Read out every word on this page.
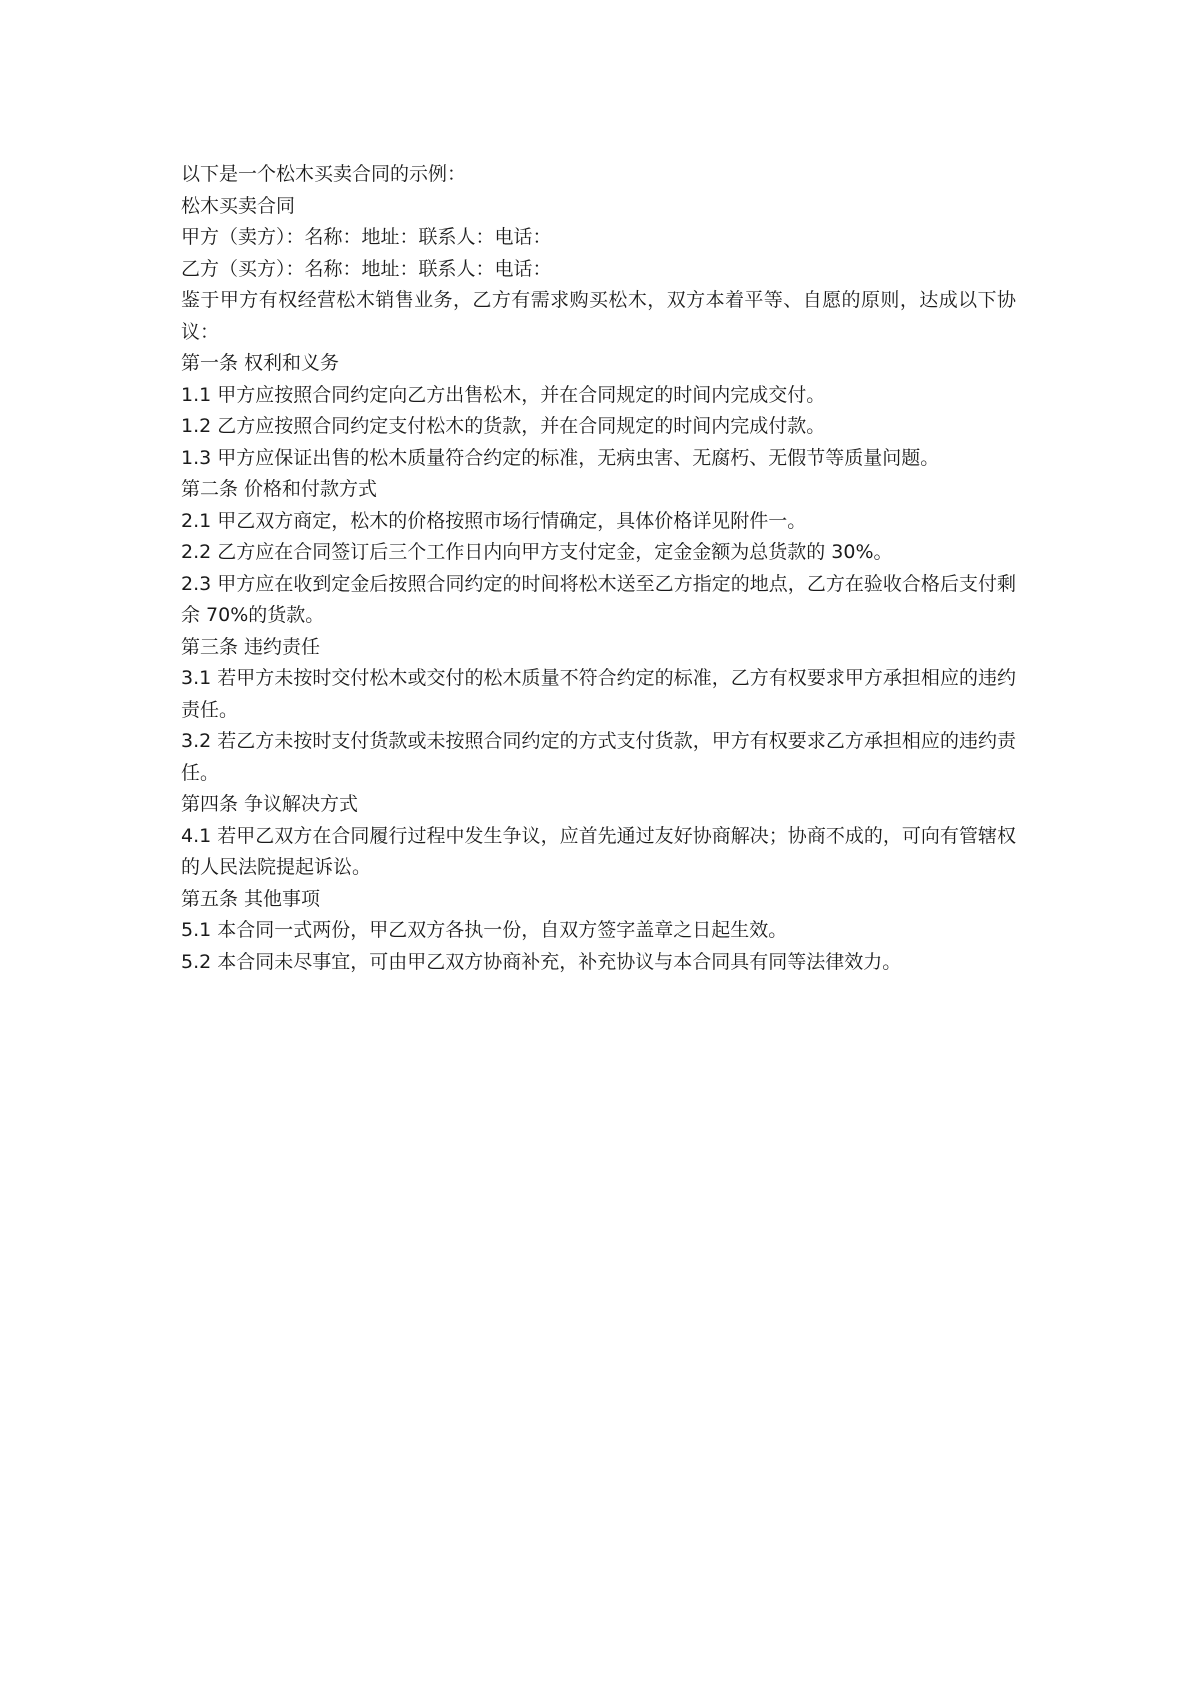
以下是一个松木买卖合同的示例：

松木买卖合同

甲方（卖方）：名称：地址：联系人：电话：

乙方（买方）：名称：地址：联系人：电话：

鉴于甲方有权经营松木销售业务，乙方有需求购买松木，双方本着平等、自愿的原则，达成以下协议：

第一条 权利和义务

1.1 甲方应按照合同约定向乙方出售松木，并在合同规定的时间内完成交付。

1.2 乙方应按照合同约定支付松木的货款，并在合同规定的时间内完成付款。

1.3 甲方应保证出售的松木质量符合约定的标准，无病虫害、无腐朽、无假节等质量问题。

第二条 价格和付款方式

2.1 甲乙双方商定，松木的价格按照市场行情确定，具体价格详见附件一。

2.2 乙方应在合同签订后三个工作日内向甲方支付定金，定金金额为总货款的 30%。

2.3 甲方应在收到定金后按照合同约定的时间将松木送至乙方指定的地点，乙方在验收合格后支付剩余 70%的货款。

第三条 违约责任

3.1 若甲方未按时交付松木或交付的松木质量不符合约定的标准，乙方有权要求甲方承担相应的违约责任。

3.2 若乙方未按时支付货款或未按照合同约定的方式支付货款，甲方有权要求乙方承担相应的违约责任。

第四条 争议解决方式

4.1 若甲乙双方在合同履行过程中发生争议，应首先通过友好协商解决；协商不成的，可向有管辖权的人民法院提起诉讼。

第五条 其他事项

5.1 本合同一式两份，甲乙双方各执一份，自双方签字盖章之日起生效。

5.2 本合同未尽事宜，可由甲乙双方协商补充，补充协议与本合同具有同等法律效力。
